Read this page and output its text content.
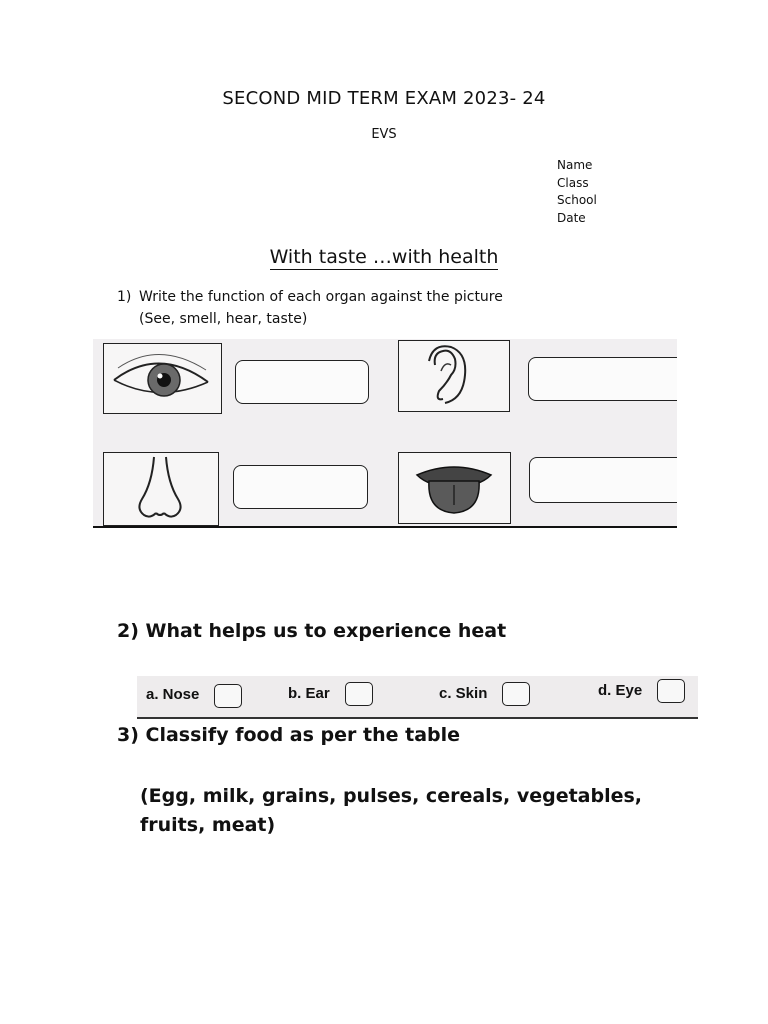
SECOND MID TERM EXAM 2023- 24
EVS
Name
Class
School
Date
With taste …with health
1) Write the function of each organ against the picture
(See, smell, hear, taste)
2) What helps us to experience heat
a. Nose	b. Ear	c. Skin	d. Eye
3) Classify food as per the table
(Egg, milk, grains, pulses, cereals, vegetables, fruits, meat)
